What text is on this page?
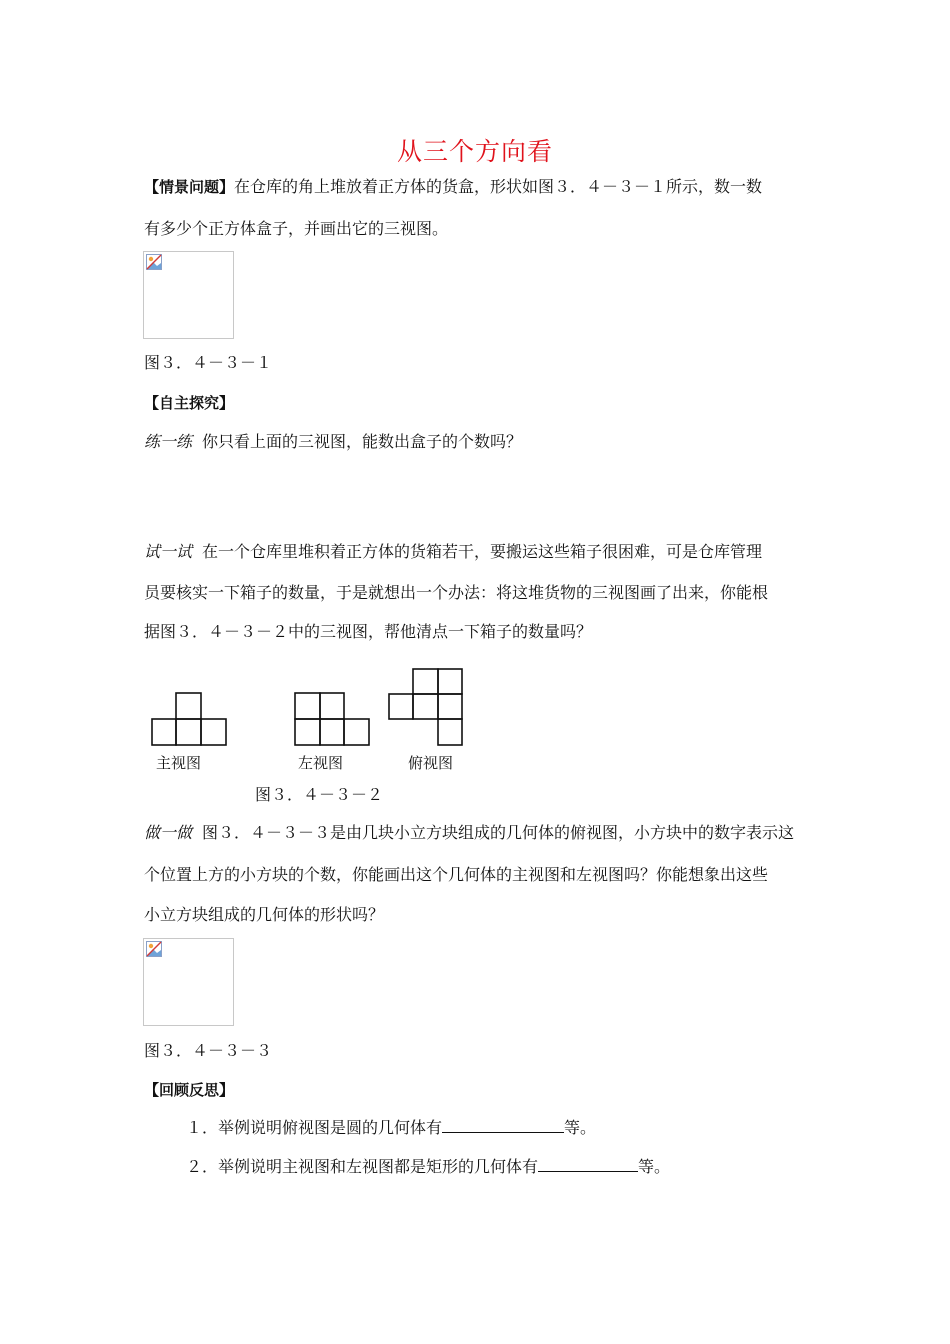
从三个方向看
【情景问题】在仓库的角上堆放着正方体的货盒，形状如图３．４－３－１所示，数一数
有多少个正方体盒子，并画出它的三视图。
图３．４－３－１
【自主探究】
练一练 你只看上面的三视图，能数出盒子的个数吗？
试一试 在一个仓库里堆积着正方体的货箱若干，要搬运这些箱子很困难，可是仓库管理
员要核实一下箱子的数量，于是就想出一个办法：将这堆货物的三视图画了出来，你能根
据图３．４－３－２中的三视图，帮他清点一下箱子的数量吗？
主视图	左视图	俯视图
图３．４－３－２
做一做 图３．４－３－３是由几块小立方块组成的几何体的俯视图，小方块中的数字表示这
个位置上方的小方块的个数，你能画出这个几何体的主视图和左视图吗？你能想象出这些
小立方块组成的几何体的形状吗？
图３．４－３－３
【回顾反思】
１．举例说明俯视图是圆的几何体有	等。
２．举例说明主视图和左视图都是矩形的几何体有	等。
